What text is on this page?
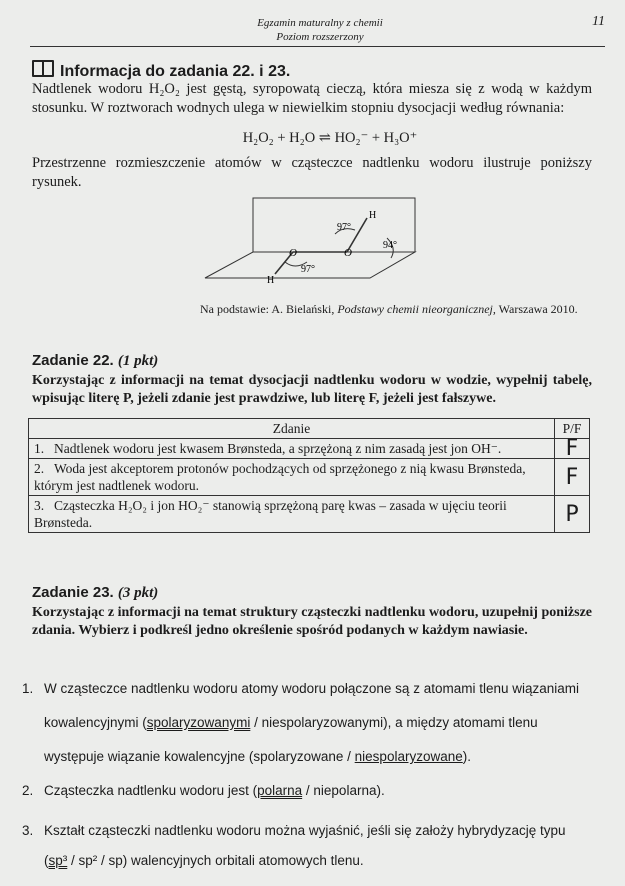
Egzamin maturalny z chemii
Poziom rozszerzony
11
Informacja do zadania 22. i 23.
Nadtlenek wodoru H₂O₂ jest gęstą, syropowatą cieczą, która miesza się z wodą w każdym stosunku. W roztworach wodnych ulega w niewielkim stopniu dysocjacji według równania:
H₂O₂ + H₂O ⇌ HO₂⁻ + H₃O⁺
Przestrzenne rozmieszczenie atomów w cząsteczce nadtlenku wodoru ilustruje poniższy rysunek.
O	O
H
H
97°
94°
97°
Na podstawie: A. Bielański, Podstawy chemii nieorganicznej, Warszawa 2010.
Zadanie 22. (1 pkt)
Korzystając z informacji na temat dysocjacji nadtlenku wodoru w wodzie, wypełnij tabelę, wpisując literę P, jeżeli zdanie jest prawdziwe, lub literę F, jeżeli jest fałszywe.
Zdanie	P/F
1. Nadtlenek wodoru jest kwasem Brønsteda, a sprzężoną z nim zasadą jest jon OH⁻.	F
2. Woda jest akceptorem protonów pochodzących od sprzężonego z nią kwasu Brønsteda, którym jest nadtlenek wodoru.	F
3. Cząsteczka H₂O₂ i jon HO₂⁻ stanowią sprzężoną parę kwas – zasada w ujęciu teorii Brønsteda.	P
Zadanie 23. (3 pkt)
Korzystając z informacji na temat struktury cząsteczki nadtlenku wodoru, uzupełnij poniższe zdania. Wybierz i podkreśl jedno określenie spośród podanych w każdym nawiasie.
1. W cząsteczce nadtlenku wodoru atomy wodoru połączone są z atomami tlenu wiązaniami
kowalencyjnymi (spolaryzowanymi / niespolaryzowanymi), a między atomami tlenu
występuje wiązanie kowalencyjne (spolaryzowane / niespolaryzowane).
2. Cząsteczka nadtlenku wodoru jest (polarna / niepolarna).
3. Kształt cząsteczki nadtlenku wodoru można wyjaśnić, jeśli się założy hybrydyzację typu
(sp³ / sp² / sp) walencyjnych orbitali atomowych tlenu.
